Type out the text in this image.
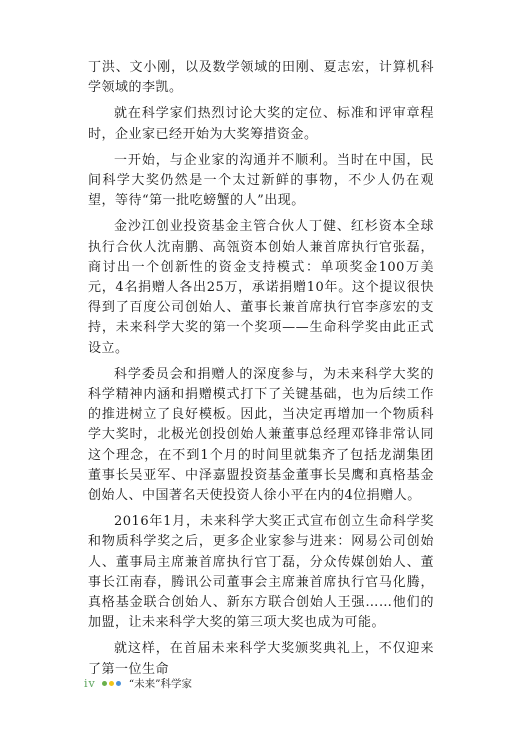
丁洪、文小刚，以及数学领域的田刚、夏志宏，计算机科学领域的李凯。

就在科学家们热烈讨论大奖的定位、标准和评审章程时，企业家已经开始为大奖筹措资金。

一开始，与企业家的沟通并不顺利。当时在中国，民间科学大奖仍然是一个太过新鲜的事物，不少人仍在观望，等待“第一批吃螃蟹的人”出现。

金沙江创业投资基金主管合伙人丁健、红杉资本全球执行合伙人沈南鹏、高瓴资本创始人兼首席执行官张磊，商讨出一个创新性的资金支持模式：单项奖金100万美元，4名捐赠人各出25万，承诺捐赠10年。这个提议很快得到了百度公司创始人、董事长兼首席执行官李彦宏的支持，未来科学大奖的第一个奖项——生命科学奖由此正式设立。

科学委员会和捐赠人的深度参与，为未来科学大奖的科学精神内涵和捐赠模式打下了关键基础，也为后续工作的推进树立了良好模板。因此，当决定再增加一个物质科学大奖时，北极光创投创始人兼董事总经理邓锋非常认同这个理念，在不到1个月的时间里就集齐了包括龙湖集团董事长吴亚军、中泽嘉盟投资基金董事长吴鹰和真格基金创始人、中国著名天使投资人徐小平在内的4位捐赠人。

2016年1月，未来科学大奖正式宣布创立生命科学奖和物质科学奖之后，更多企业家参与进来：网易公司创始人、董事局主席兼首席执行官丁磊，分众传媒创始人、董事长江南春，腾讯公司董事会主席兼首席执行官马化腾，真格基金联合创始人、新东方联合创始人王强……他们的加盟，让未来科学大奖的第三项大奖也成为可能。

就这样，在首届未来科学大奖颁奖典礼上，不仅迎来了第一位生命

iv	“未来”科学家
